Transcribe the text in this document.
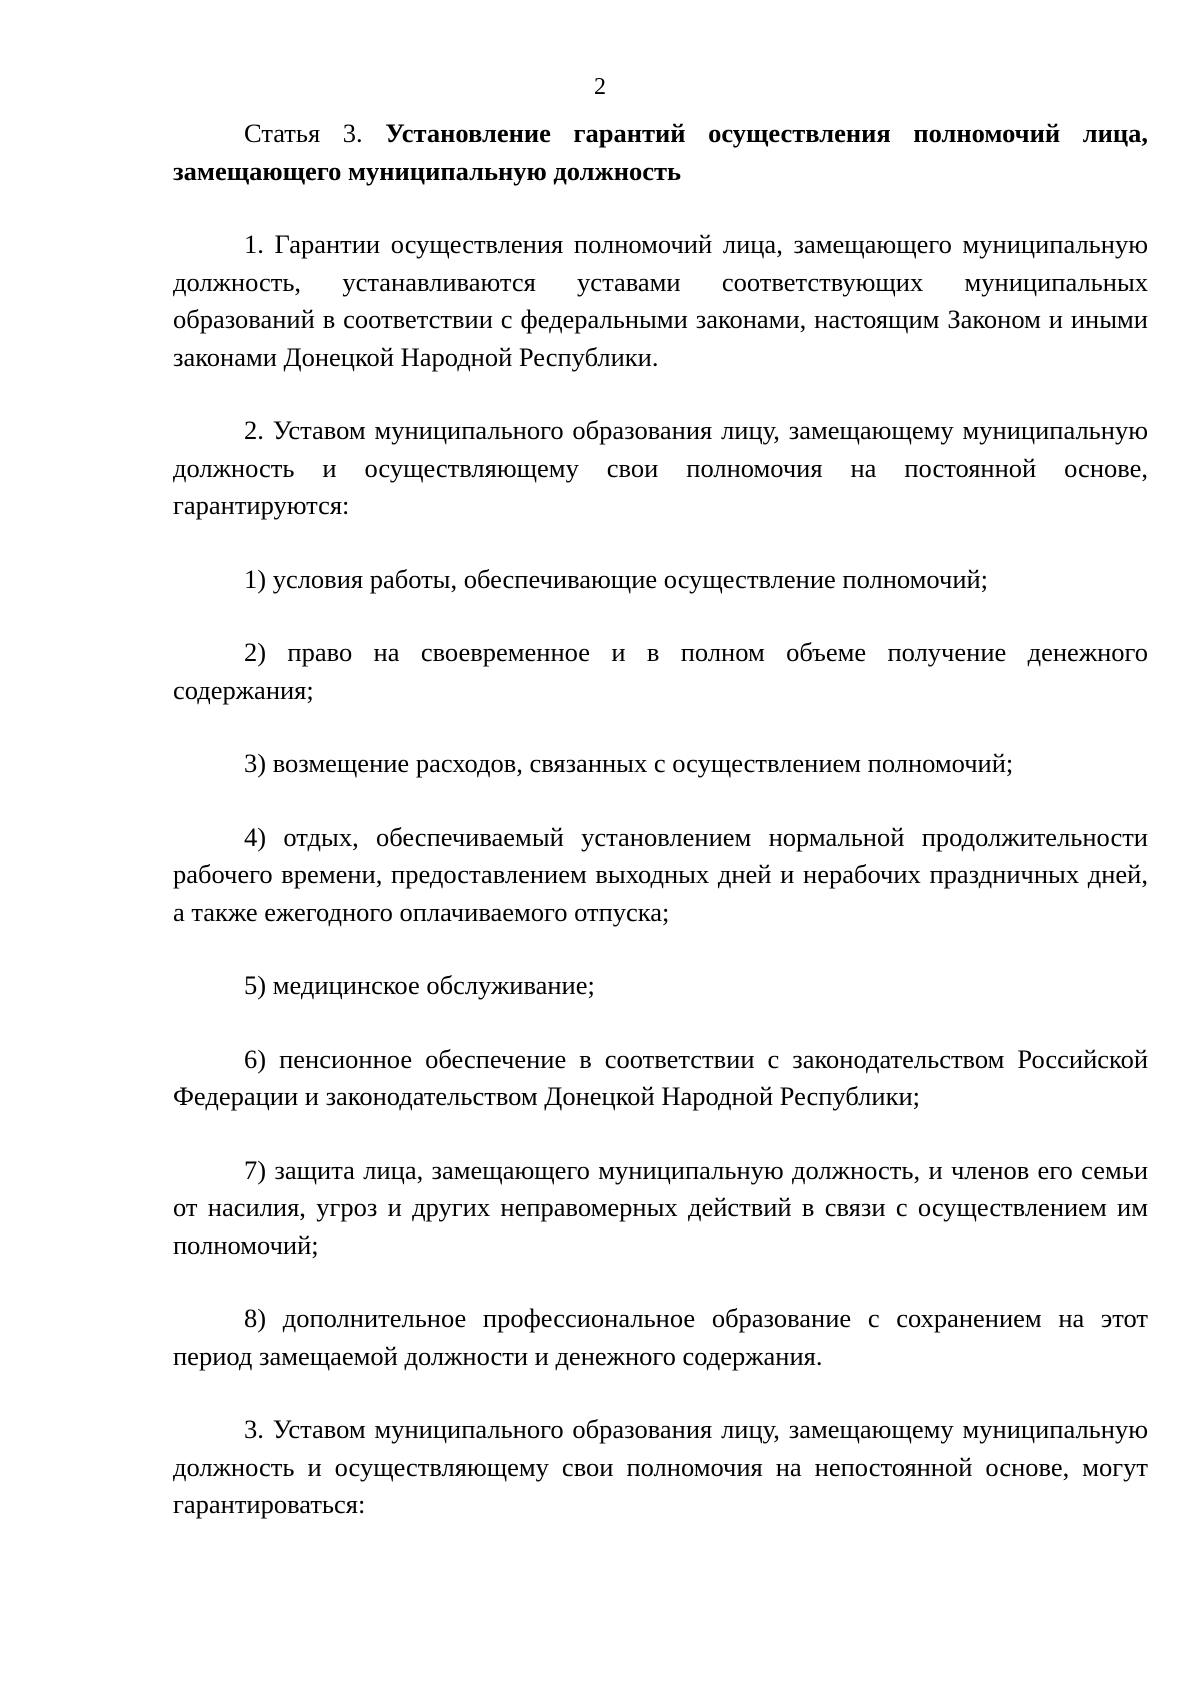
2

Статья 3. Установление гарантий осуществления полномочий лица, замещающего муниципальную должность

1. Гарантии осуществления полномочий лица, замещающего муниципальную должность, устанавливаются уставами соответствующих муниципальных образований в соответствии с федеральными законами, настоящим Законом и иными законами Донецкой Народной Республики.

2. Уставом муниципального образования лицу, замещающему муниципальную должность и осуществляющему свои полномочия на постоянной основе, гарантируются:

1) условия работы, обеспечивающие осуществление полномочий;

2) право на своевременное и в полном объеме получение денежного содержания;

3) возмещение расходов, связанных с осуществлением полномочий;

4) отдых, обеспечиваемый установлением нормальной продолжительности рабочего времени, предоставлением выходных дней и нерабочих праздничных дней, а также ежегодного оплачиваемого отпуска;

5) медицинское обслуживание;

6) пенсионное обеспечение в соответствии с законодательством Российской Федерации и законодательством Донецкой Народной Республики;

7) защита лица, замещающего муниципальную должность, и членов его семьи от насилия, угроз и других неправомерных действий в связи с осуществлением им полномочий;

8) дополнительное профессиональное образование с сохранением на этот период замещаемой должности и денежного содержания.

3. Уставом муниципального образования лицу, замещающему муниципальную должность и осуществляющему свои полномочия на непостоянной основе, могут гарантироваться:
